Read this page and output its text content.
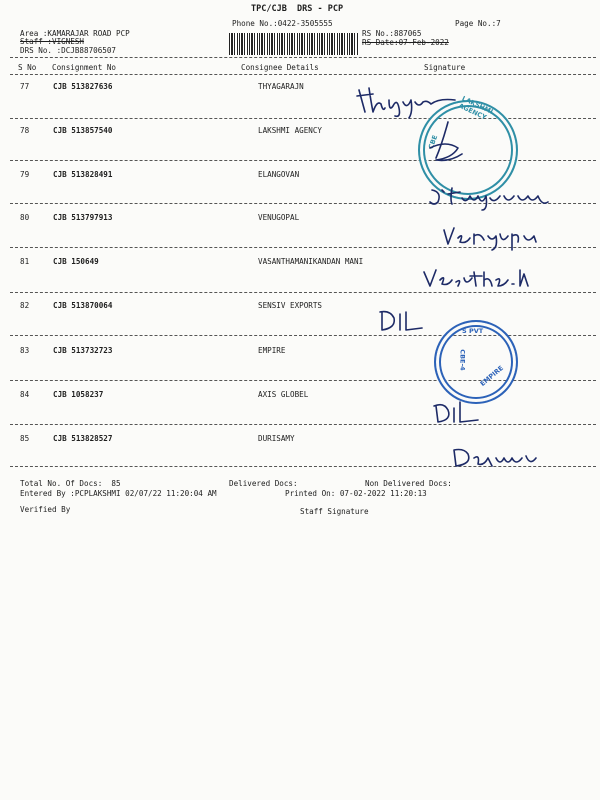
TPC/CJB  DRS - PCP
Phone No.:0422-3505555	Page No.:7
Area :KAMARAJAR ROAD PCP
Staff :VIGNESH
DRS No. :DCJB88706507
RS No.:887065
RS Date:07-Feb-2022
S No Consignment No	Consignee Details	Signature
77	CJB 513827636	THYAGARAJN
78	CJB 513857540	LAKSHMI AGENCY
79	CJB 513828491	ELANGOVAN
80	CJB 513797913	VENUGOPAL
81	CJB 150649	VASANTHAMANIKANDAN MANI
82	CJB 513870064	SENSIV EXPORTS
83	CJB 513732723	EMPIRE
84	CJB 1058237	AXIS GLOBEL
85	CJB 513828527	DURISAMY
Total No. Of Docs:  85	Delivered Docs:	Non Delivered Docs:
Entered By :PCPLAKSHMI 02/07/22 11:20:04 AM	Printed On: 07-02-2022 11:20:13
Verified By	Staff Signature
LAKSHMI AGENCY
CBE
S PVT
CBE-4
EMPIRE
